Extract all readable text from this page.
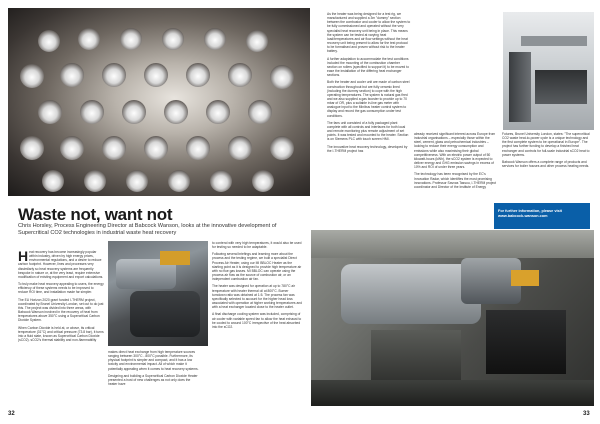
Waste not, want not

Chris Horsley, Process Engineering Director at Babcock Wanson, looks at the innovative development of Supercritical CO2 technologies in industrial waste heat recovery

Heat recovery has become increasingly popular within industry, driven by high energy prices, environmental regulations, and a desire to reduce carbon footprint. However, lines and processes very dissimilarly so heat recovery systems are frequently bespoke in nature or, at the very least, require extensive modification of existing equipment and export calculations.

To truly make heat recovery appealing to users, the energy efficiency of these systems needs to be improved to reduce ROI time, and installation made far simpler.

The EU Horizon 2020 grant funded I-THERM project, coordinated by Brunel University London, set out to do just this. The project was divided into three areas, with Babcock Wanson involved in the recovery of heat from temperatures above 350°C using a Supercritical Carbon Dioxide System.

When Carbon Dioxide is held at, or above, its critical temperature (31°C) and critical pressure (73.8 bar), it turns into a fluid state, known as Supercritical Carbon Dioxide (sCO2). sCO2's thermal stability and non-flammability

makes direct heat exchange from high temperature sources ranging between 300°C - 800°C possible. Furthermore, its physical footprint is simpler and compact, and it has a low toxicity and environmental impact. All of which make it potentially appealing when it comes to heat recovery systems.

Designing and building a Supercritical Carbon Dioxide Heater presented a host of new challenges as not only does the heater have

to contend with very high temperatures, it would also be used for testing so needed to be adaptable.

Following several briefings and learning more about the process and the testing regime, we built a specialist Direct Process Air Heater, using our MI BBLOC Heater as the starting point as it is designed to provide high temperature air with no flue gas losses. MI BBLOC can operate using the process air flow as the source of combustion air, or an independent combustion air fan.

The heater was designed for operation at up to 780°C air temperature with heater thermal oil at 800°C. Burner turndown ratio was obtained at 1:5. The process fan was specifically selected to account for the higher head loss associated with operation at higher working temperatures and with a heat exchanger located close to the heater outlet.

A final discharge cooling system was included, comprising of air cooler with variable speed fan to allow the heat exhaust to be cooled to around 100°C irrespective of the heat absorbed into the sCO2.

As the heater was being designed for a test rig, we manufactured and supplied a 3m "dummy" section between the combustor and cooler to allow the system to be fully commissioned and operated without the very specialist heat recovery unit being in place. This means the system can be tested at varying heat load/temperatures and air flow settings without the heat recovery unit being present to allow for the test protocol to be formalised and proven without risk to the heater battery.

A further adaptation to accommodate the test conditions included the mounting of the combustion chamber section on rollers (specified to support it) to be moved to ease the installation of the differing heat exchanger sections.

Both the heater and cooler unit are made of carbon steel construction throughout but are fully ceramic lined (including the dummy section) to cope with the high operating temperatures. The system is natural gas fired and we also supplied a gas booster to provide up to 70 mbar of OR, plus a suitable in-line gas meter with analogue input to the Minibus heater control system to display and record the gas consumption under test conditions.

The fans unit consisted of a fully packaged plant complete with all controls and interfaces for both local and remote monitoring plus remote adjustment of set points. It was tested and mounted to the heater. Section is on Siemens PLC with touch screen HMI.

The innovative heat recovery technology, developed by the I-THERM project has

already received significant interest across Europe from industrial organisations – especially those within the steel, cement, glass and petrochemical industries – looking to reduce their energy consumption and emissions while also maximising their global competitiveness. With an electric power output of 50 kilowatt-hours (kWh), the sCO2 system is expected to deliver energy and GHG emission savings in excess of 10% and ROI of under three years.

The technology has been recognised by the EC's Innovation Radar, which identifies the most promising innovations. Professor Savvas Tassou, I-THERM project coordinator and Director of the Institute of Energy

Futures, Brunel University London, states: "The supercritical CO2 waste heat-to-power cycle is a unique technology and the first complete system to be operational in Europe". The project has further funding to develop a finished heat exchanger and controls for full-scale industrial sCO2 heat to power systems.

Babcock Wanson offers a complete range of products and services for boiler houses and other process heating needs.

For further information, please visit

www.babcock-wanson.com

32	33
